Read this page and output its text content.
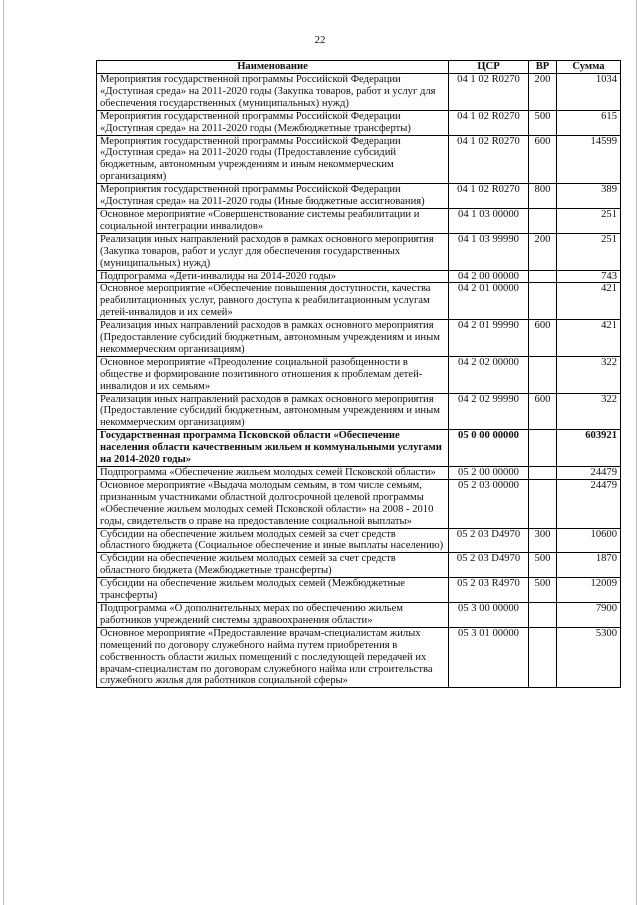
22
Наименование	ЦСР	ВР	Сумма
Мероприятия государственной программы Российской Федерации «Доступная среда» на 2011-2020 годы (Закупка товаров, работ и услуг для обеспечения государственных (муниципальных) нужд)	04 1 02 R0270	200	1034
Мероприятия государственной программы Российской Федерации «Доступная среда» на 2011-2020 годы (Межбюджетные трансферты)	04 1 02 R0270	500	615
Мероприятия государственной программы Российской Федерации «Доступная среда» на 2011-2020 годы (Предоставление субсидий бюджетным, автономным учреждениям и иным некоммерческим организациям)	04 1 02 R0270	600	14599
Мероприятия государственной программы Российской Федерации «Доступная среда» на 2011-2020 годы (Иные бюджетные ассигнования)	04 1 02 R0270	800	389
Основное мероприятие «Совершенствование системы реабилитации и социальной интеграции инвалидов»	04 1 03 00000		251
Реализация иных направлений расходов в рамках основного мероприятия (Закупка товаров, работ и услуг для обеспечения государственных (муниципальных) нужд)	04 1 03 99990	200	251
Подпрограмма «Дети-инвалиды на 2014-2020 годы»	04 2 00 00000		743
Основное мероприятие «Обеспечение повышения доступности, качества реабилитационных услуг, равного доступа к реабилитационным услугам детей-инвалидов и их семей»	04 2 01 00000		421
Реализация иных направлений расходов в рамках основного мероприятия (Предоставление субсидий бюджетным, автономным учреждениям и иным некоммерческим организациям)	04 2 01 99990	600	421
Основное мероприятие «Преодоление социальной разобщенности в обществе и формирование позитивного отношения к проблемам детей-инвалидов и их семьям»	04 2 02 00000		322
Реализация иных направлений расходов в рамках основного мероприятия (Предоставление субсидий бюджетным, автономным учреждениям и иным некоммерческим организациям)	04 2 02 99990	600	322
Государственная программа Псковской области «Обеспечение населения области качественным жильем и коммунальными услугами на 2014-2020 годы»	05 0 00 00000		603921
Подпрограмма «Обеспечение жильем молодых семей Псковской области»	05 2 00 00000		24479
Основное мероприятие «Выдача молодым семьям, в том числе семьям, признанным участниками областной долгосрочной целевой программы «Обеспечение жильем молодых семей Псковской области» на 2008 - 2010 годы, свидетельств о праве на предоставление социальной выплаты»	05 2 03 00000		24479
Субсидии на обеспечение жильем молодых семей за счет средств областного бюджета (Социальное обеспечение и иные выплаты населению)	05 2 03 D4970	300	10600
Субсидии на обеспечение жильем молодых семей за счет средств областного бюджета (Межбюджетные трансферты)	05 2 03 D4970	500	1870
Субсидии на обеспечение жильем молодых семей (Межбюджетные трансферты)	05 2 03 R4970	500	12009
Подпрограмма «О дополнительных мерах по обеспечению жильем работников учреждений системы здравоохранения области»	05 3 00 00000		7900
Основное мероприятие «Предоставление врачам-специалистам жилых помещений по договору служебного найма путем приобретения в собственность области жилых помещений с последующей передачей их врачам-специалистам по договорам служебного найма или строительства служебного жилья для работников социальной сферы»	05 3 01 00000		5300
